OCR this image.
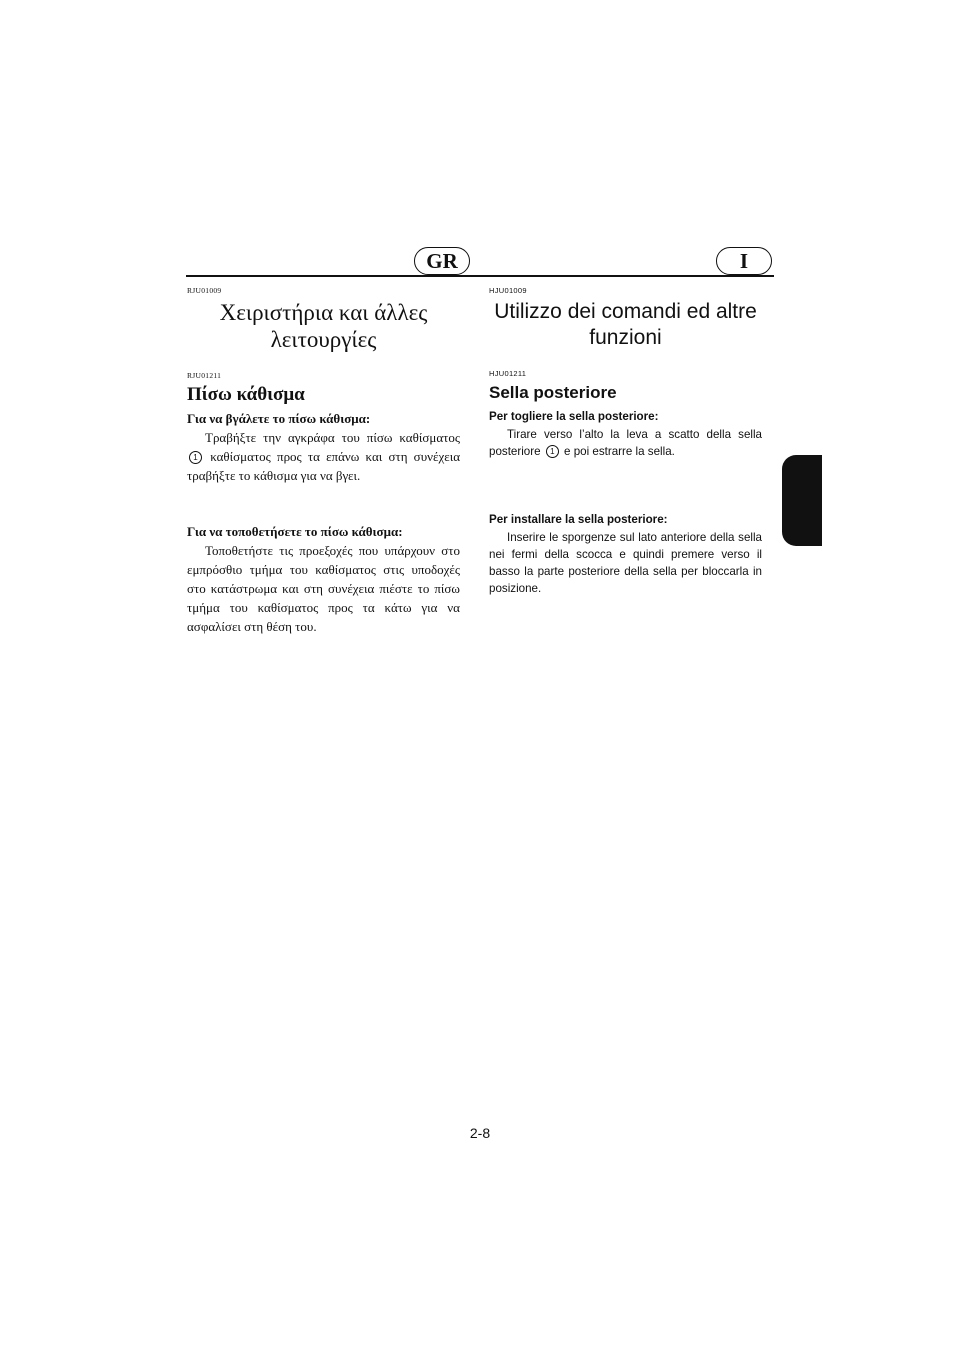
GR	I

RJU01009

Χειριστήρια και άλλες λειτουργίες

RJU01211

Πίσω κάθισμα
Για να βγάλετε το πίσω κάθισμα:

Τραβήξτε την αγκράφα του πίσω καθίσματος 1 καθίσματος προς τα επάνω και στη συνέχεια τραβήξτε το κάθισμα για να βγει.

Για να τοποθετήσετε το πίσω κάθισμα:

Τοποθετήστε τις προεξοχές που υπάρχουν στο εμπρόσθιο τμήμα του καθίσματος στις υποδοχές στο κατάστρωμα και στη συνέχεια πιέστε το πίσω τμήμα του καθίσματος προς τα κάτω για να ασφαλίσει στη θέση του.

HJU01009

Utilizzo dei comandi ed altre funzioni

HJU01211

Sella posteriore
Per togliere la sella posteriore:

Tirare verso l’alto la leva a scatto della sella posteriore 1 e poi estrarre la sella.

Per installare la sella posteriore:

Inserire le sporgenze sul lato anteriore della sella nei fermi della scocca e quindi premere verso il basso la parte posteriore della sella per bloccarla in posizione.

2-8
